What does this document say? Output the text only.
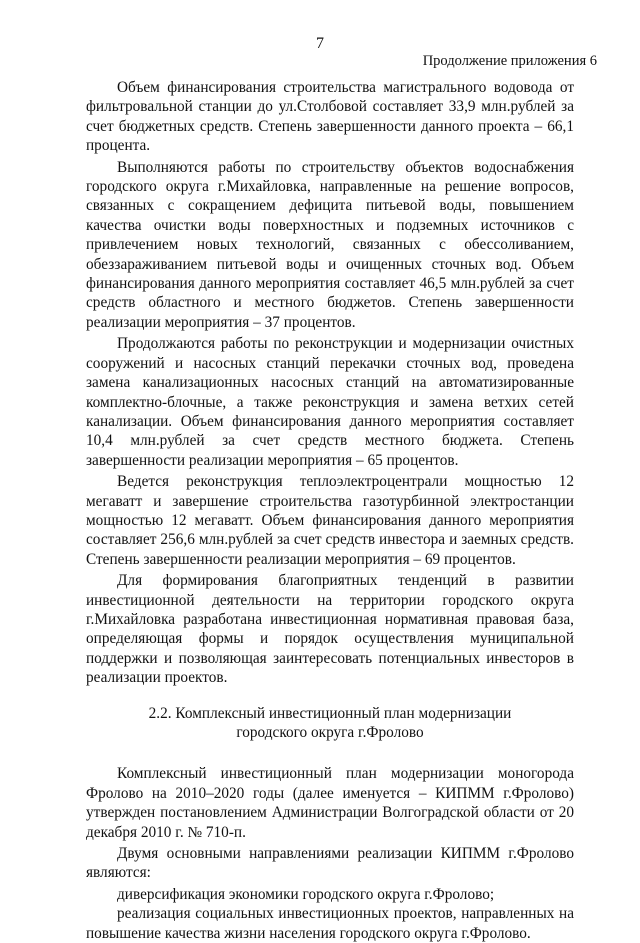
7
Продолжение приложения 6

Объем финансирования строительства магистрального водовода от фильтровальной станции до ул.Столбовой составляет 33,9 млн.рублей за счет бюджетных средств. Степень завершенности данного проекта – 66,1 процента.

Выполняются работы по строительству объектов водоснабжения городского округа г.Михайловка, направленные на решение вопросов, связанных с сокращением дефицита питьевой воды, повышением качества очистки воды поверхностных и подземных источников с привлечением новых технологий, связанных с обессоливанием, обеззараживанием питьевой воды и очищенных сточных вод. Объем финансирования данного мероприятия составляет 46,5 млн.рублей за счет средств областного и местного бюджетов. Степень завершенности реализации мероприятия – 37 процентов.

Продолжаются работы по реконструкции и модернизации очистных сооружений и насосных станций перекачки сточных вод, проведена замена канализационных насосных станций на автоматизированные комплектно-блочные, а также реконструкция и замена ветхих сетей канализации. Объем финансирования данного мероприятия составляет 10,4 млн.рублей за счет средств местного бюджета. Степень завершенности реализации мероприятия – 65 процентов.

Ведется реконструкция теплоэлектроцентрали мощностью 12 мегаватт и завершение строительства газотурбинной электростанции мощностью 12 мегаватт. Объем финансирования данного мероприятия составляет 256,6 млн.рублей за счет средств инвестора и заемных средств. Степень завершенности реализации мероприятия – 69 процентов.

Для формирования благоприятных тенденций в развитии инвестиционной деятельности на территории городского округа г.Михайловка разработана инвестиционная нормативная правовая база, определяющая формы и порядок осуществления муниципальной поддержки и позволяющая заинтересовать потенциальных инвесторов в реализации проектов.

2.2. Комплексный инвестиционный план модернизации
городского округа г.Фролово

Комплексный инвестиционный план модернизации моногорода Фролово на 2010–2020 годы (далее именуется – КИПММ г.Фролово) утвержден постановлением Администрации Волгоградской области от 20 декабря 2010 г. № 710-п.

Двумя основными направлениями реализации КИПММ г.Фролово являются:

диверсификация экономики городского округа г.Фролово;

реализация социальных инвестиционных проектов, направленных на повышение качества жизни населения городского округа г.Фролово.
